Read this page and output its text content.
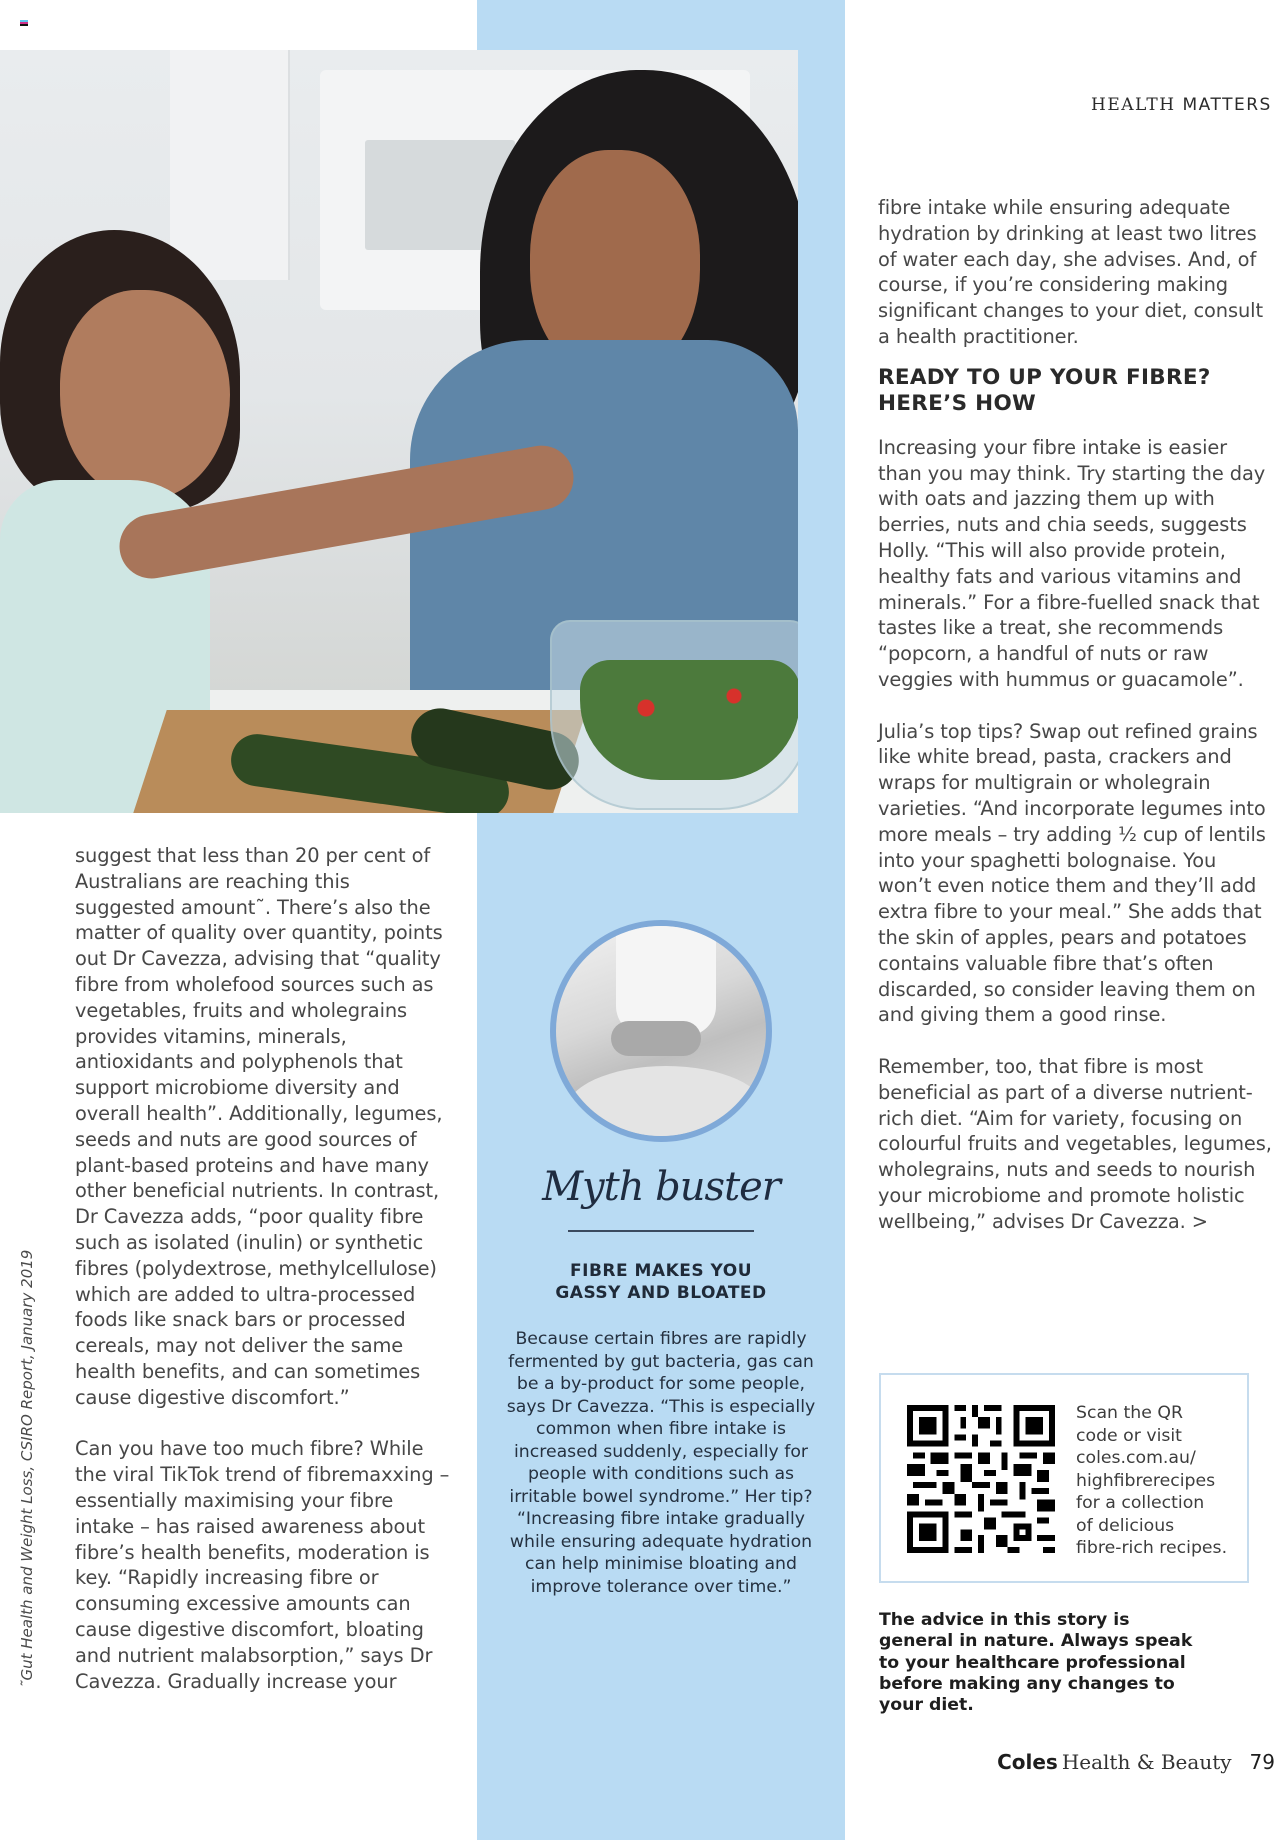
HEALTH MATTERS

suggest that less than 20 per cent of Australians are reaching this suggested amount˜. There’s also the matter of quality over quantity, points out Dr Cavezza, advising that “quality fibre from wholefood sources such as vegetables, fruits and wholegrains provides vitamins, minerals, antioxidants and polyphenols that support microbiome diversity and overall health”. Additionally, legumes, seeds and nuts are good sources of plant-based proteins and have many other beneficial nutrients. In contrast, Dr Cavezza adds, “poor quality fibre such as isolated (inulin) or synthetic fibres (polydextrose, methylcellulose) which are added to ultra-processed foods like snack bars or processed cereals, may not deliver the same health benefits, and can sometimes cause digestive discomfort.”

Can you have too much fibre? While the viral TikTok trend of fibremaxxing – essentially maximising your fibre intake – has raised awareness about fibre’s health benefits, moderation is key. “Rapidly increasing fibre or consuming excessive amounts can cause digestive discomfort, bloating and nutrient malabsorption,” says Dr Cavezza. Gradually increase your

˜Gut Health and Weight Loss, CSIRO Report, January 2019
Myth buster
FIBRE MAKES YOU
GASSY AND BLOATED
Because certain fibres are rapidly fermented by gut bacteria, gas can be a by-product for some people, says Dr Cavezza. “This is especially common when fibre intake is increased suddenly, especially for people with conditions such as irritable bowel syndrome.” Her tip? “Increasing fibre intake gradually while ensuring adequate hydration can help minimise bloating and improve tolerance over time.”

fibre intake while ensuring adequate hydration by drinking at least two litres of water each day, she advises. And, of course, if you’re considering making significant changes to your diet, consult a health practitioner.

READY TO UP YOUR FIBRE?
HERE’S HOW

Increasing your fibre intake is easier than you may think. Try starting the day with oats and jazzing them up with berries, nuts and chia seeds, suggests Holly. “This will also provide protein, healthy fats and various vitamins and minerals.” For a fibre-fuelled snack that tastes like a treat, she recommends “popcorn, a handful of nuts or raw veggies with hummus or guacamole”.

Julia’s top tips? Swap out refined grains like white bread, pasta, crackers and wraps for multigrain or wholegrain varieties. “And incorporate legumes into more meals – try adding ½ cup of lentils into your spaghetti bolognaise. You won’t even notice them and they’ll add extra fibre to your meal.” She adds that the skin of apples, pears and potatoes contains valuable fibre that’s often discarded, so consider leaving them on and giving them a good rinse.

Remember, too, that fibre is most beneficial as part of a diverse nutrient-rich diet. “Aim for variety, focusing on colourful fruits and vegetables, legumes, wholegrains, nuts and seeds to nourish your microbiome and promote holistic wellbeing,” advises Dr Cavezza. >

Scan the QR
code or visit
coles.com.au/
highfibrerecipes
for a collection
of delicious
fibre-rich recipes.
The advice in this story is general in nature. Always speak to your healthcare professional before making any changes to your diet.
Coles Health & Beauty 79
